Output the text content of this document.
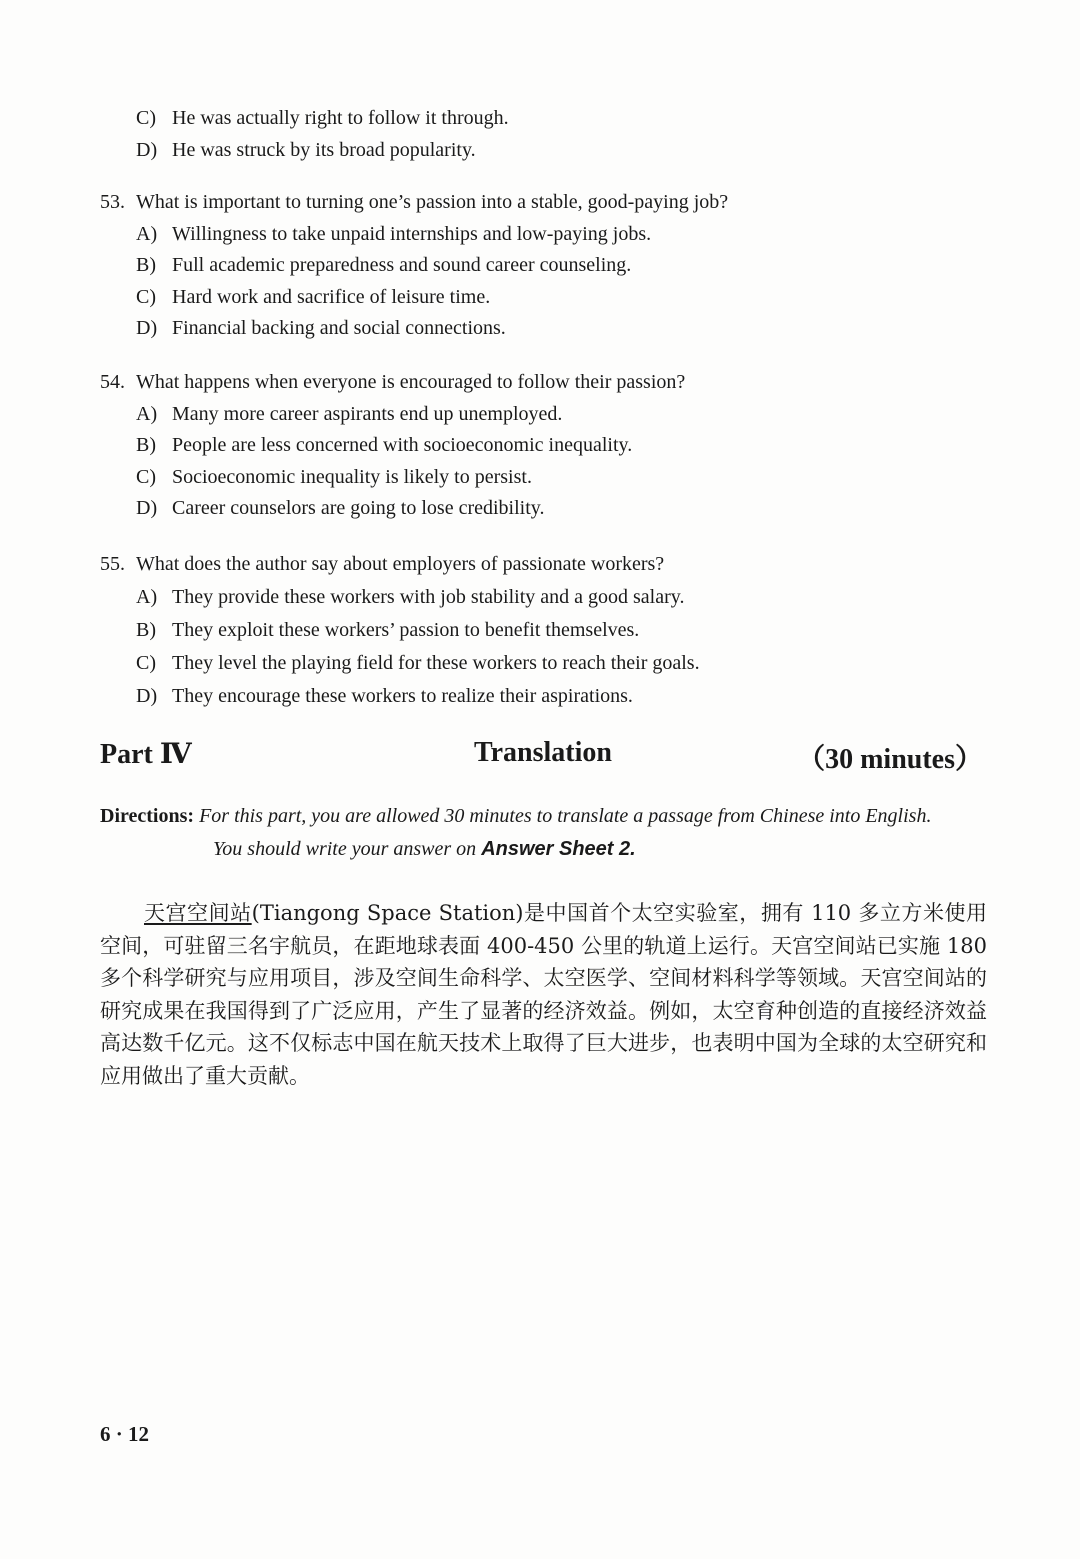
C) He was actually right to follow it through.
D) He was struck by its broad popularity.
53. What is important to turning one’s passion into a stable, good-paying job?
A) Willingness to take unpaid internships and low-paying jobs.
B) Full academic preparedness and sound career counseling.
C) Hard work and sacrifice of leisure time.
D) Financial backing and social connections.
54. What happens when everyone is encouraged to follow their passion?
A) Many more career aspirants end up unemployed.
B) People are less concerned with socioeconomic inequality.
C) Socioeconomic inequality is likely to persist.
D) Career counselors are going to lose credibility.
55. What does the author say about employers of passionate workers?
A) They provide these workers with job stability and a good salary.
B) They exploit these workers’ passion to benefit themselves.
C) They level the playing field for these workers to reach their goals.
D) They encourage these workers to realize their aspirations.
Part Ⅳ	Translation	（30 minutes）
Directions: For this part, you are allowed 30 minutes to translate a passage from Chinese into English.
You should write your answer on Answer Sheet 2.
天宫空间站(Tiangong Space Station)是中国首个太空实验室，拥有 110 多立方米使用空间，可驻留三名宇航员，在距地球表面 400-450 公里的轨道上运行。天宫空间站已实施 180 多个科学研究与应用项目，涉及空间生命科学、太空医学、空间材料科学等领域。天宫空间站的研究成果在我国得到了广泛应用，产生了显著的经济效益。例如，太空育种创造的直接经济效益高达数千亿元。这不仅标志中国在航天技术上取得了巨大进步，也表明中国为全球的太空研究和应用做出了重大贡献。
6 · 12
